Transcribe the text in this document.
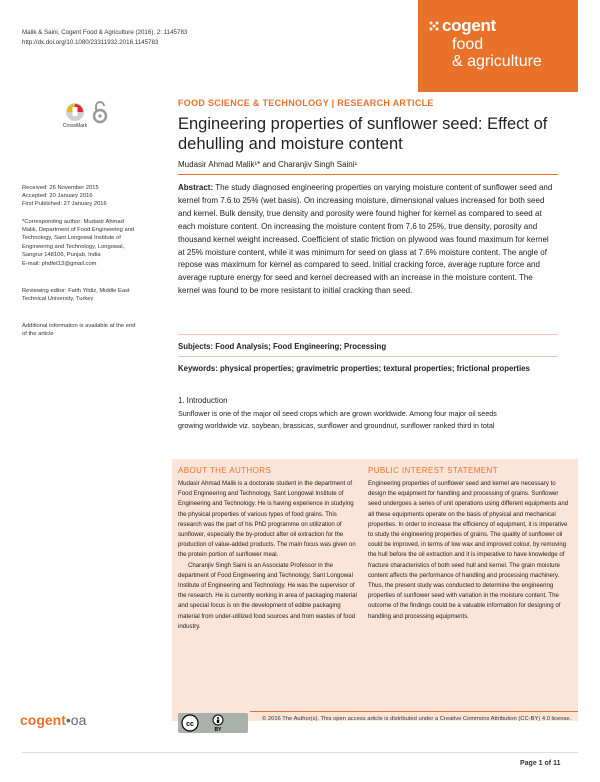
Malik & Saini, Cogent Food & Agriculture (2016), 2: 1145783
http://dx.doi.org/10.1080/23311932.2016.1145783
cogent
food
& agriculture
CrossMark
FOOD SCIENCE & TECHNOLOGY | RESEARCH ARTICLE
Engineering properties of sunflower seed: Effect of dehulling and moisture content
Mudasir Ahmad Malik¹* and Charanjiv Singh Saini¹

Received: 26 November 2015

Accepted: 20 January 2016

First Published: 27 January 2016

*Corresponding author: Mudasir Ahmad Malik, Department of Food Engineering and Technology, Sant Longowal Institute of Engineering and Technology, Longowal, Sangrur 148106, Punjab, India

E-mail: phdfet13@gmail.com

Reviewing editor: Fatih Yildiz, Middle East Technical University, Turkey

Additional information is available at the end of the article

Abstract: The study diagnosed engineering properties on varying moisture content of sunflower seed and kernel from 7.6 to 25% (wet basis). On increasing moisture, dimensional values increased for both seed and kernel. Bulk density, true density and porosity were found higher for kernel as compared to seed at each moisture content. On increasing the moisture content from 7.6 to 25%, true density, porosity and thousand kernel weight increased. Coefficient of static friction on plywood was found maximum for kernel at 25% moisture content, while it was minimum for seed on glass at 7.6% moisture content. The angle of repose was maximum for kernel as compared to seed. Initial cracking force, average rupture force and average rupture energy for seed and kernel decreased with an increase in the moisture content. The kernel was found to be more resistant to initial cracking than seed.
Subjects: Food Analysis; Food Engineering; Processing
Keywords: physical properties; gravimetric properties; textural properties; frictional properties
1. Introduction
Sunflower is one of the major oil seed crops which are grown worldwide. Among four major oil seeds
growing worldwide viz. soybean, brassicas, sunflower and groundnut, sunflower ranked third in total
ABOUT THE AUTHORS

Mudasir Ahmad Malik is a doctorate student in the department of Food Engineering and Technology, Sant Longowal Institute of Engineering and Technology. He is having experience in studying the physical properties of various types of food grains. This research was the part of his PhD programme on utilization of sunflower, especially the by-product after oil extraction for the production of value-added products. The main focus was given on the protein portion of sunflower meal.

Charanjiv Singh Saini is an Associate Professor in the department of Food Engineering and Technology, Sant Longowal Institute of Engineering and Technology. He was the supervisor of the research. He is currently working in area of packaging material and special focus is on the development of edible packaging material from under-utilized food sources and from wastes of food industry.

PUBLIC INTEREST STATEMENT

Engineering properties of sunflower seed and kernel are necessary to design the equipment for handling and processing of grains. Sunflower seed undergoes a series of unit operations using different equipments and all these equipments operate on the basis of physical and mechanical properties. In order to increase the efficiency of equipment, it is imperative to study the engineering properties of grains. The quality of sunflower oil could be improved, in terms of low wax and improved colour, by removing the hull before the oil extraction and it is imperative to have knowledge of fracture characteristics of both seed hull and kernel. The grain moisture content affects the performance of handling and processing machinery. Thus, the present study was conducted to determine the engineering properties of sunflower seed with variation in the moisture content. The outcome of the findings could be a valuable information for designing of handling and processing equipments.

cogent•oa	cc
BY
© 2016 The Author(s). This open access article is distributed under a Creative Commons Attribution (CC-BY) 4.0 license.
Page 1 of 11
